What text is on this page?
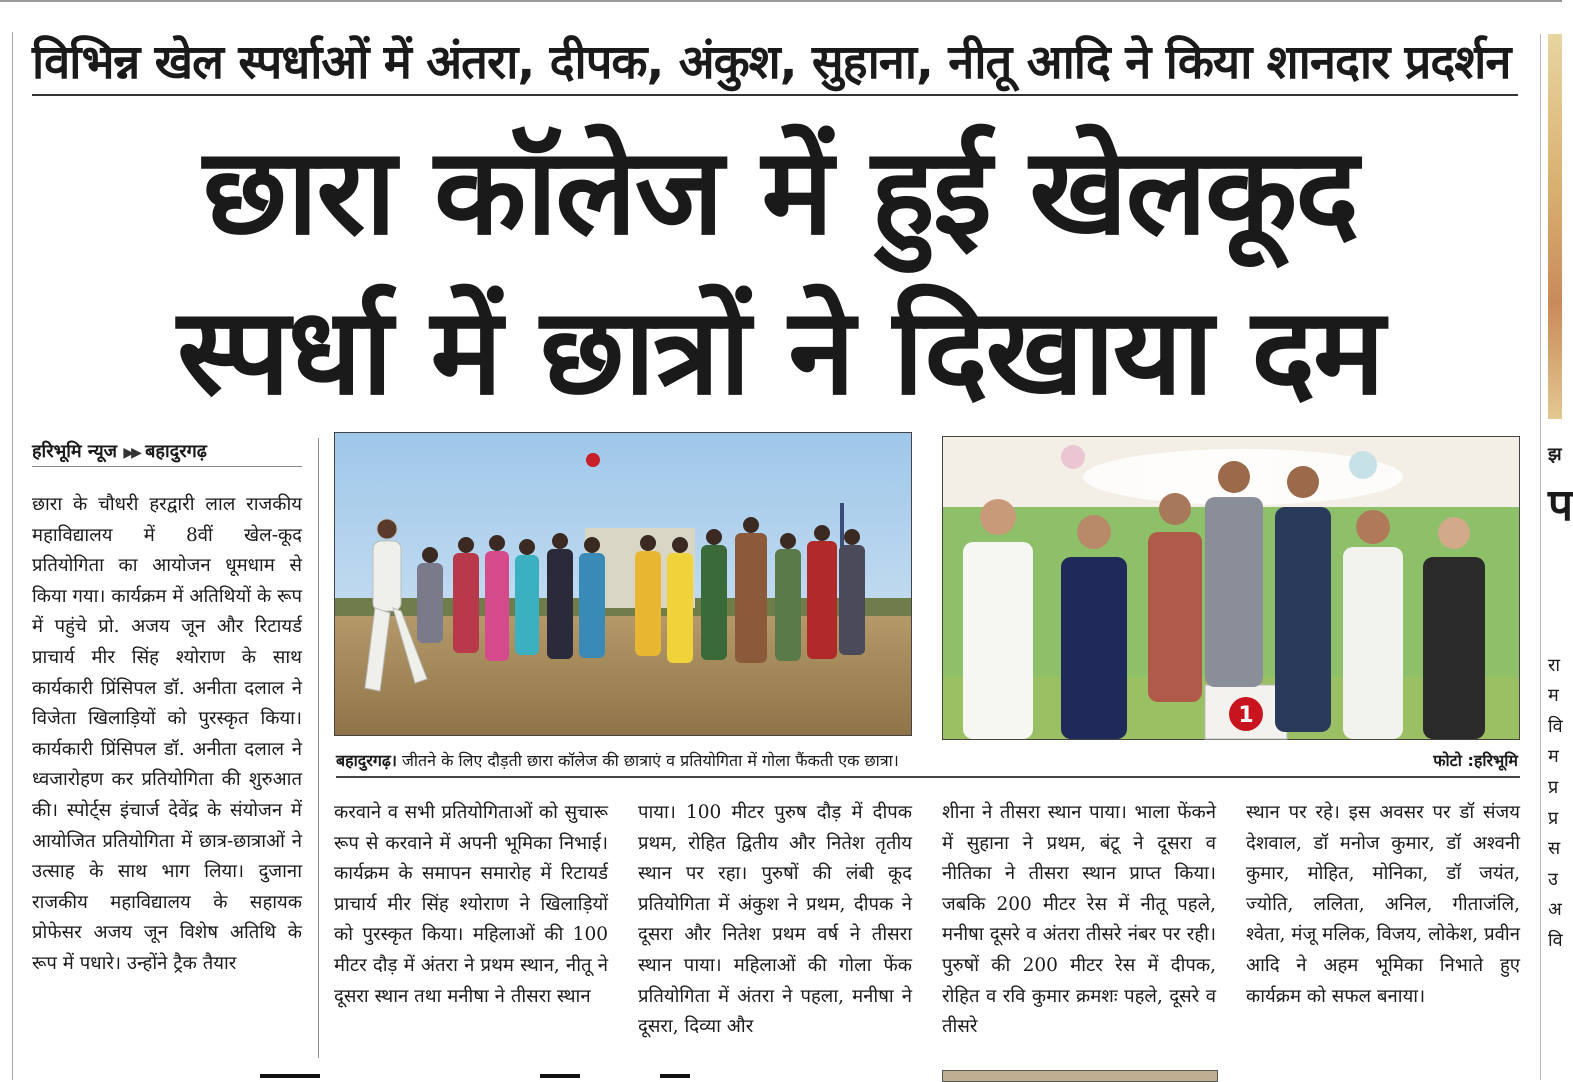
विभिन्न खेल स्पर्धाओं में अंतरा, दीपक, अंकुश, सुहाना, नीतू आदि ने किया शानदार प्रदर्शन
छारा कॉलेज में हुई खेलकूद
स्पर्धा में छात्रों ने दिखाया दम
हरिभूमि न्यूज ▶▶ बहादुरगढ़
छारा के चौधरी हरद्वारी लाल राजकीय महाविद्यालय में 8वीं खेल-कूद प्रतियोगिता का आयोजन धूमधाम से किया गया। कार्यक्रम में अतिथियों के रूप में पहुंचे प्रो. अजय जून और रिटायर्ड प्राचार्य मीर सिंह श्योराण के साथ कार्यकारी प्रिंसिपल डॉ. अनीता दलाल ने विजेता खिलाड़ियों को पुरस्कृत किया। कार्यकारी प्रिंसिपल डॉ. अनीता दलाल ने ध्वजारोहण कर प्रतियोगिता की शुरुआत की। स्पोर्ट्स इंचार्ज देवेंद्र के संयोजन में आयोजित प्रतियोगिता में छात्र-छात्राओं ने उत्साह के साथ भाग लिया। दुजाना राजकीय महाविद्यालय के सहायक प्रोफेसर अजय जून विशेष अतिथि के रूप में पधारे। उन्होंने ट्रैक तैयार
1
बहादुरगढ़। जीतने के लिए दौड़ती छारा कॉलेज की छात्राएं व प्रतियोगिता में गोला फैंकती एक छात्रा।	फोटो :हरिभूमि
करवाने व सभी प्रतियोगिताओं को सुचारू रूप से करवाने में अपनी भूमिका निभाई। कार्यक्रम के समापन समारोह में रिटायर्ड प्राचार्य मीर सिंह श्योराण ने खिलाड़ियों को पुरस्कृत किया। महिलाओं की 100 मीटर दौड़ में अंतरा ने प्रथम स्थान, नीतू ने दूसरा स्थान तथा मनीषा ने तीसरा स्थान
पाया। 100 मीटर पुरुष दौड़ में दीपक प्रथम, रोहित द्वितीय और नितेश तृतीय स्थान पर रहा। पुरुषों की लंबी कूद प्रतियोगिता में अंकुश ने प्रथम, दीपक ने दूसरा और नितेश प्रथम वर्ष ने तीसरा स्थान पाया। महिलाओं की गोला फेंक प्रतियोगिता में अंतरा ने पहला, मनीषा ने दूसरा, दिव्या और
शीना ने तीसरा स्थान पाया। भाला फेंकने में सुहाना ने प्रथम, बंटू ने दूसरा व नीतिका ने तीसरा स्थान प्राप्त किया। जबकि 200 मीटर रेस में नीतू पहले, मनीषा दूसरे व अंतरा तीसरे नंबर पर रही। पुरुषों की 200 मीटर रेस में दीपक, रोहित व रवि कुमार क्रमशः पहले, दूसरे व तीसरे
स्थान पर रहे। इस अवसर पर डॉ संजय देशवाल, डॉ मनोज कुमार, डॉ अश्वनी कुमार, मोहित, मोनिका, डॉ जयंत, ज्योति, ललिता, अनिल, गीताजंलि, श्वेता, मंजू मलिक, विजय, लोकेश, प्रवीन आदि ने अहम भूमिका निभाते हुए कार्यक्रम को सफल बनाया।
झ
प
रा
म
वि
म
प्र
प्र
स
उ
अ
वि
